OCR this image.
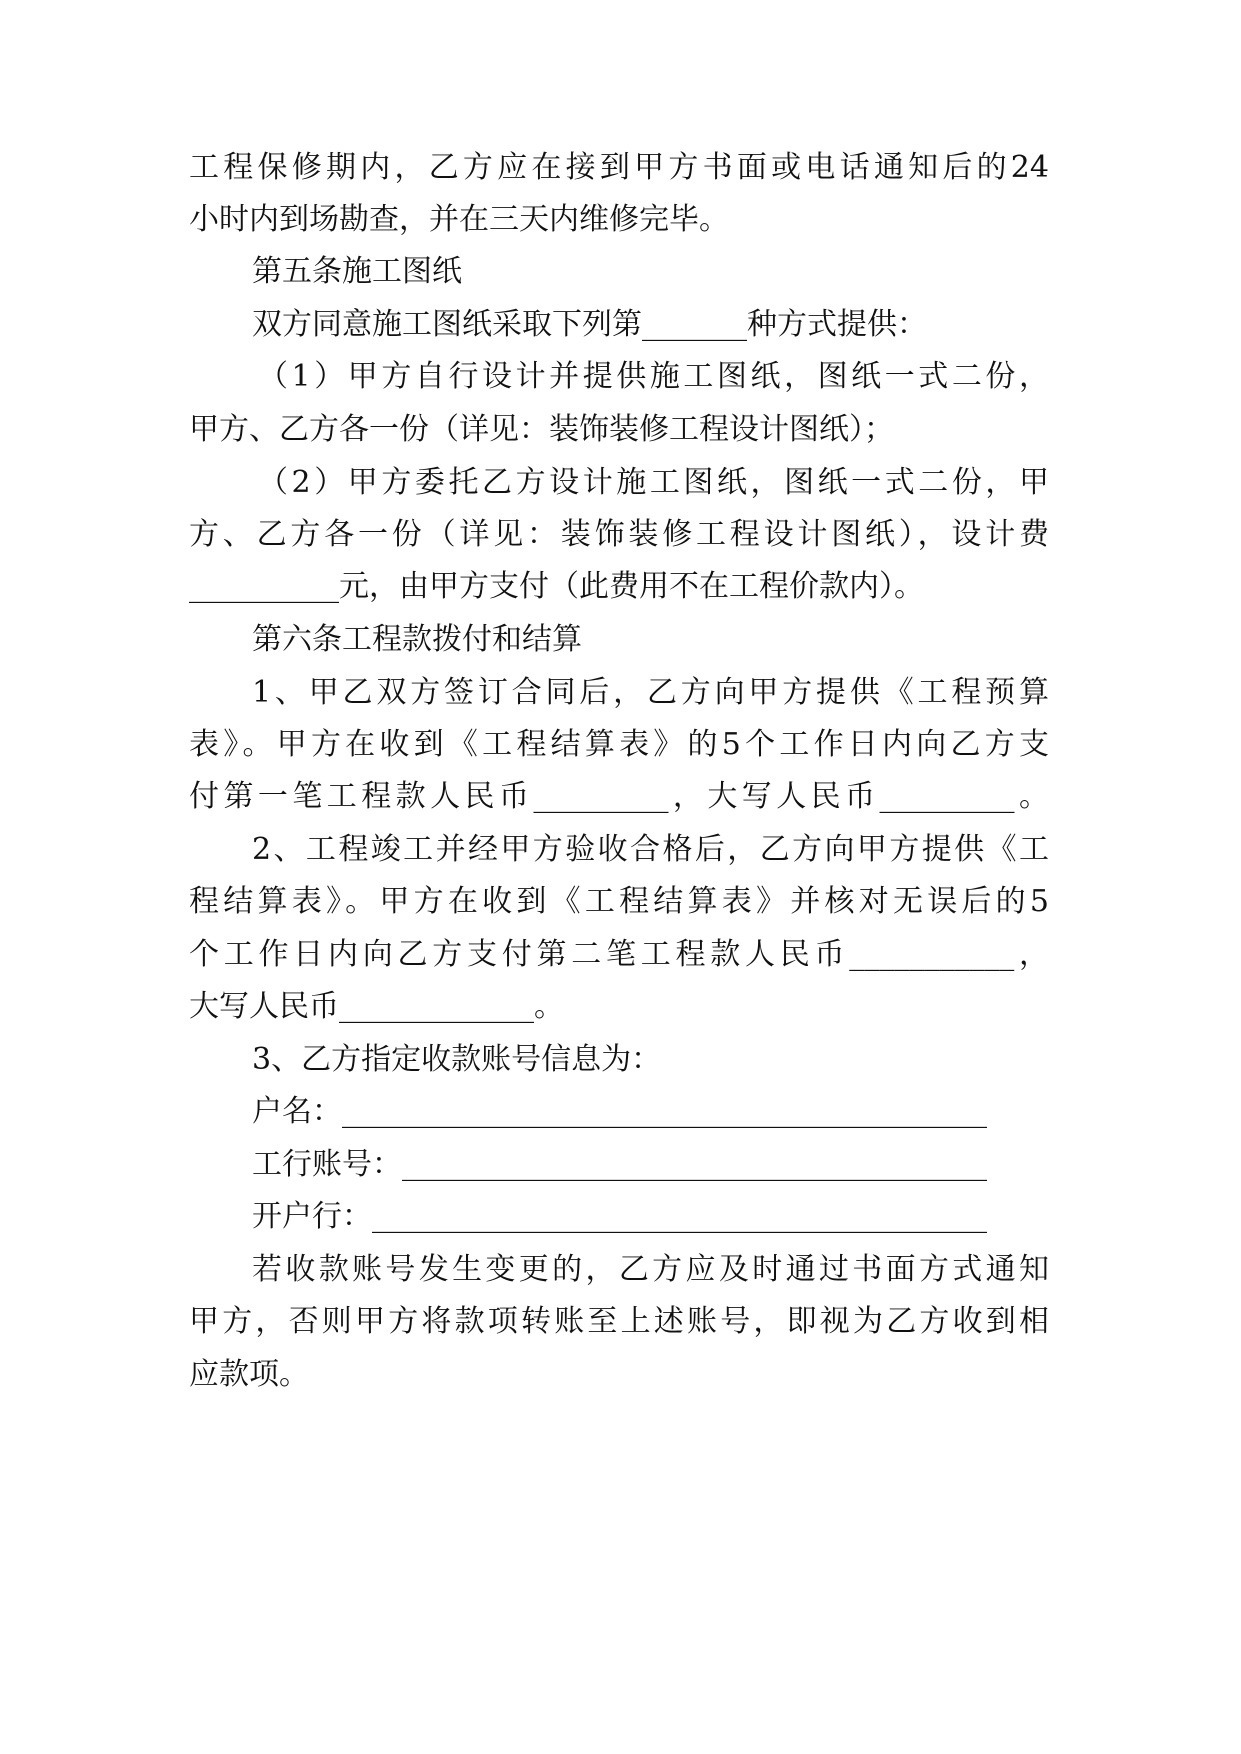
工程保修期内，乙方应在接到甲方书面或电话通知后的24
小时内到场勘查，并在三天内维修完毕。
第五条施工图纸
双方同意施工图纸采取下列第_______种方式提供：
（1）甲方自行设计并提供施工图纸，图纸一式二份，
甲方、乙方各一份（详见：装饰装修工程设计图纸）；
（2）甲方委托乙方设计施工图纸，图纸一式二份，甲
方、乙方各一份（详见：装饰装修工程设计图纸），设计费
__________元，由甲方支付（此费用不在工程价款内）。
第六条工程款拨付和结算
1、甲乙双方签订合同后，乙方向甲方提供《工程预算
表》。甲方在收到《工程结算表》的5个工作日内向乙方支
付第一笔工程款人民币_________，大写人民币_________。
2、工程竣工并经甲方验收合格后，乙方向甲方提供《工
程结算表》。甲方在收到《工程结算表》并核对无误后的5
个工作日内向乙方支付第二笔工程款人民币___________，
大写人民币_____________。
3、乙方指定收款账号信息为：
户名：___________________________________________
工行账号：_______________________________________
开户行：_________________________________________
若收款账号发生变更的，乙方应及时通过书面方式通知
甲方，否则甲方将款项转账至上述账号，即视为乙方收到相
应款项。
